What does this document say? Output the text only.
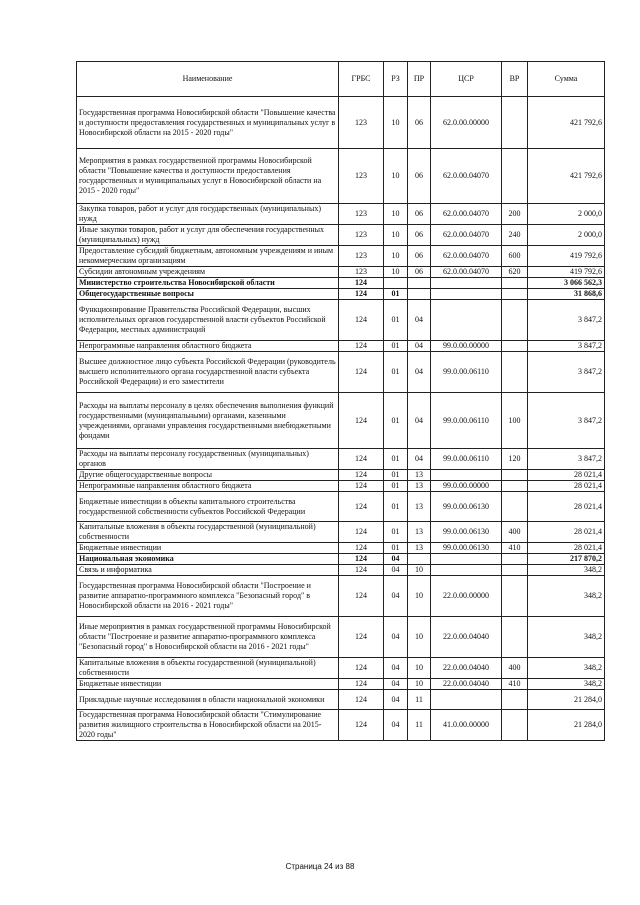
Наименование	ГРБС	РЗ	ПР	ЦСР	ВР	Сумма
Государственная программа Новосибирской области "Повышение качества и доступности предоставления государственных и муниципальных услуг в Новосибирской области на 2015 - 2020 годы"	123	10	06	62.0.00.00000		421 792,6
Мероприятия в рамках государственной программы Новосибирской области "Повышение качества и доступности предоставления государственных и муниципальных услуг в Новосибирской области на 2015 - 2020 годы"	123	10	06	62.0.00.04070		421 792,6
Закупка товаров, работ и услуг для государственных (муниципальных) нужд	123	10	06	62.0.00.04070	200	2 000,0
Иные закупки товаров, работ и услуг для обеспечения государственных (муниципальных) нужд	123	10	06	62.0.00.04070	240	2 000,0
Предоставление субсидий бюджетным, автономным учреждениям и иным некоммерческим организациям	123	10	06	62.0.00.04070	600	419 792,6
Субсидии автономным учреждениям	123	10	06	62.0.00.04070	620	419 792,6
Министерство строительства Новосибирской области	124					3 066 562,3
Общегосударственные вопросы	124	01				31 868,6
Функционирование Правительства Российской Федерации, высших исполнительных органов государственной власти субъектов Российской Федерации, местных администраций	124	01	04			3 847,2
Непрограммные направления областного бюджета	124	01	04	99.0.00.00000		3 847,2
Высшее должностное лицо субъекта Российской Федерации (руководитель высшего исполнительного органа государственной власти субъекта Российской Федерации) и его заместители	124	01	04	99.0.00.06110		3 847,2
Расходы на выплаты персоналу в целях обеспечения выполнения функций государственными (муниципальными) органами, казенными учреждениями, органами управления государственными внебюджетными фондами	124	01	04	99.0.00.06110	100	3 847,2
Расходы на выплаты персоналу государственных (муниципальных) органов	124	01	04	99.0.00.06110	120	3 847,2
Другие общегосударственные вопросы	124	01	13			28 021,4
Непрограммные направления областного бюджета	124	01	13	99.0.00.00000		28 021,4
Бюджетные инвестиции в объекты капитального строительства государственной собственности субъектов Российской Федерации	124	01	13	99.0.00.06130		28 021,4
Капитальные вложения в объекты государственной (муниципальной) собственности	124	01	13	99.0.00.06130	400	28 021,4
Бюджетные инвестиции	124	01	13	99.0.00.06130	410	28 021,4
Национальная экономика	124	04				217 870,2
Связь и информатика	124	04	10			348,2
Государственная программа Новосибирской области "Построение и развитие аппаратно-программного комплекса "Безопасный город" в Новосибирской области на 2016 - 2021 годы"	124	04	10	22.0.00.00000		348,2
Иные мероприятия в рамках государственной программы Новосибирской области "Построение и развитие аппаратно-программного комплекса "Безопасный город" в Новосибирской области на 2016 - 2021 годы"	124	04	10	22.0.00.04040		348,2
Капитальные вложения в объекты государственной (муниципальной) собственности	124	04	10	22.0.00.04040	400	348,2
Бюджетные инвестиции	124	04	10	22.0.00.04040	410	348,2
Прикладные научные исследования в области национальной экономики	124	04	11			21 284,0
Государственная программа Новосибирской области "Стимулирование развития жилищного строительства в Новосибирской области на 2015-2020 годы"	124	04	11	41.0.00.00000		21 284,0
Страница 24 из 88
